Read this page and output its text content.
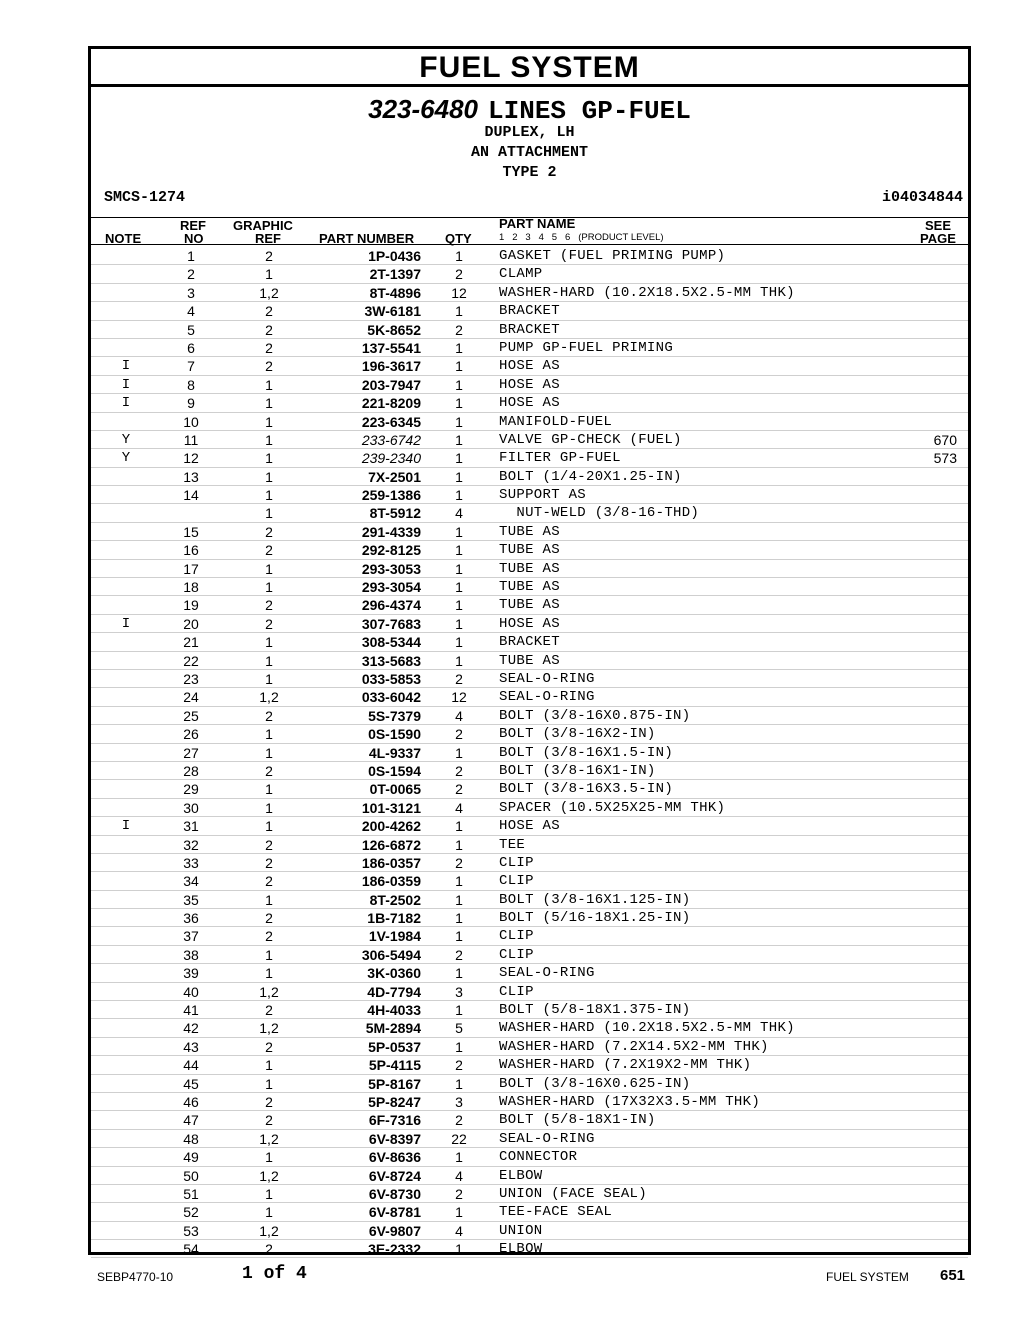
FUEL SYSTEM
323-6480 LINES GP-FUEL
DUPLEX, LH
AN ATTACHMENT
TYPE 2
SMCS-1274	i04034844
NOTE
REF
NO
GRAPHIC
REF	PART NUMBER QTY
PART NAME
1   2   3   4   5   6   (PRODUCT LEVEL)
SEE
PAGE
1	2	1P-0436	1	GASKET (FUEL PRIMING PUMP)
2	1	2T-1397	2	CLAMP
3	1,2	8T-4896	12	WASHER-HARD (10.2X18.5X2.5-MM THK)
4	2	3W-6181	1	BRACKET
5	2	5K-8652	2	BRACKET
6	2	137-5541	1	PUMP GP-FUEL PRIMING
I	7	2	196-3617	1	HOSE AS
I	8	1	203-7947	1	HOSE AS
I	9	1	221-8209	1	HOSE AS
10	1	223-6345	1	MANIFOLD-FUEL
Y	11	1	233-6742	1	VALVE GP-CHECK (FUEL)	670
Y	12	1	239-2340	1	FILTER GP-FUEL	573
13	1	7X-2501	1	BOLT (1/4-20X1.25-IN)
14	1	259-1386	1	SUPPORT AS
1	8T-5912	4	NUT-WELD (3/8-16-THD)
15	2	291-4339	1	TUBE AS
16	2	292-8125	1	TUBE AS
17	1	293-3053	1	TUBE AS
18	1	293-3054	1	TUBE AS
19	2	296-4374	1	TUBE AS
I	20	2	307-7683	1	HOSE AS
21	1	308-5344	1	BRACKET
22	1	313-5683	1	TUBE AS
23	1	033-5853	2	SEAL-O-RING
24	1,2	033-6042	12	SEAL-O-RING
25	2	5S-7379	4	BOLT (3/8-16X0.875-IN)
26	1	0S-1590	2	BOLT (3/8-16X2-IN)
27	1	4L-9337	1	BOLT (3/8-16X1.5-IN)
28	2	0S-1594	2	BOLT (3/8-16X1-IN)
29	1	0T-0065	2	BOLT (3/8-16X3.5-IN)
30	1	101-3121	4	SPACER (10.5X25X25-MM THK)
I	31	1	200-4262	1	HOSE AS
32	2	126-6872	1	TEE
33	2	186-0357	2	CLIP
34	2	186-0359	1	CLIP
35	1	8T-2502	1	BOLT (3/8-16X1.125-IN)
36	2	1B-7182	1	BOLT (5/16-18X1.25-IN)
37	2	1V-1984	1	CLIP
38	1	306-5494	2	CLIP
39	1	3K-0360	1	SEAL-O-RING
40	1,2	4D-7794	3	CLIP
41	2	4H-4033	1	BOLT (5/8-18X1.375-IN)
42	1,2	5M-2894	5	WASHER-HARD (10.2X18.5X2.5-MM THK)
43	2	5P-0537	1	WASHER-HARD (7.2X14.5X2-MM THK)
44	1	5P-4115	2	WASHER-HARD (7.2X19X2-MM THK)
45	1	5P-8167	1	BOLT (3/8-16X0.625-IN)
46	2	5P-8247	3	WASHER-HARD (17X32X3.5-MM THK)
47	2	6F-7316	2	BOLT (5/8-18X1-IN)
48	1,2	6V-8397	22	SEAL-O-RING
49	1	6V-8636	1	CONNECTOR
50	1,2	6V-8724	4	ELBOW
51	1	6V-8730	2	UNION (FACE SEAL)
52	1	6V-8781	1	TEE-FACE SEAL
53	1,2	6V-9807	4	UNION
54	2	3E-2332	1	ELBOW
SEBP4770-10	1 of 4	FUEL SYSTEM 651
